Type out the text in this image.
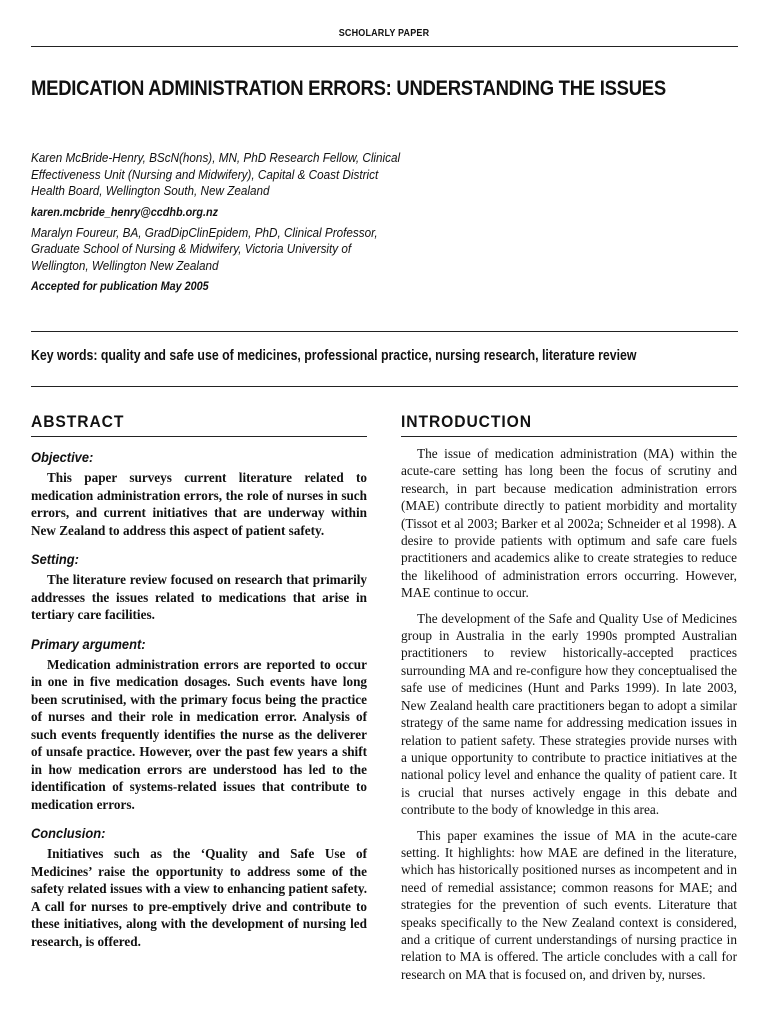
SCHOLARLY PAPER
MEDICATION ADMINISTRATION ERRORS: UNDERSTANDING THE ISSUES

Karen McBride-Henry, BScN(hons), MN, PhD Research Fellow, Clinical Effectiveness Unit (Nursing and Midwifery), Capital & Coast District Health Board, Wellington South, New Zealand

karen.mcbride_henry@ccdhb.org.nz

Maralyn Foureur, BA, GradDipClinEpidem, PhD, Clinical Professor, Graduate School of Nursing & Midwifery, Victoria University of Wellington, Wellington New Zealand

Accepted for publication May 2005
Key words: quality and safe use of medicines, professional practice, nursing research, literature review
ABSTRACT
Objective:

This paper surveys current literature related to medication administration errors, the role of nurses in such errors, and current initiatives that are underway within New Zealand to address this aspect of patient safety.

Setting:

The literature review focused on research that primarily addresses the issues related to medications that arise in tertiary care facilities.

Primary argument:

Medication administration errors are reported to occur in one in five medication dosages. Such events have long been scrutinised, with the primary focus being the practice of nurses and their role in medication error. Analysis of such events frequently identifies the nurse as the deliverer of unsafe practice. However, over the past few years a shift in how medication errors are understood has led to the identification of systems-related issues that contribute to medication errors.

Conclusion:

Initiatives such as the ‘Quality and Safe Use of Medicines’ raise the opportunity to address some of the safety related issues with a view to enhancing patient safety. A call for nurses to pre-emptively drive and contribute to these initiatives, along with the development of nursing led research, is offered.

INTRODUCTION

The issue of medication administration (MA) within the acute-care setting has long been the focus of scrutiny and research, in part because medication administration errors (MAE) contribute directly to patient morbidity and mortality (Tissot et al 2003; Barker et al 2002a; Schneider et al 1998). A desire to provide patients with optimum and safe care fuels practitioners and academics alike to create strategies to reduce the likelihood of administration errors occurring. However, MAE continue to occur.

The development of the Safe and Quality Use of Medicines group in Australia in the early 1990s prompted Australian practitioners to review historically-accepted practices surrounding MA and re-configure how they conceptualised the safe use of medicines (Hunt and Parks 1999). In late 2003, New Zealand health care practitioners began to adopt a similar strategy of the same name for addressing medication issues in relation to patient safety. These strategies provide nurses with a unique opportunity to contribute to practice initiatives at the national policy level and enhance the quality of patient care. It is crucial that nurses actively engage in this debate and contribute to the body of knowledge in this area.

This paper examines the issue of MA in the acute-care setting. It highlights: how MAE are defined in the literature, which has historically positioned nurses as incompetent and in need of remedial assistance; common reasons for MAE; and strategies for the prevention of such events. Literature that speaks specifically to the New Zealand context is considered, and a critique of current understandings of nursing practice in relation to MA is offered. The article concludes with a call for research on MA that is focused on, and driven by, nurses.
